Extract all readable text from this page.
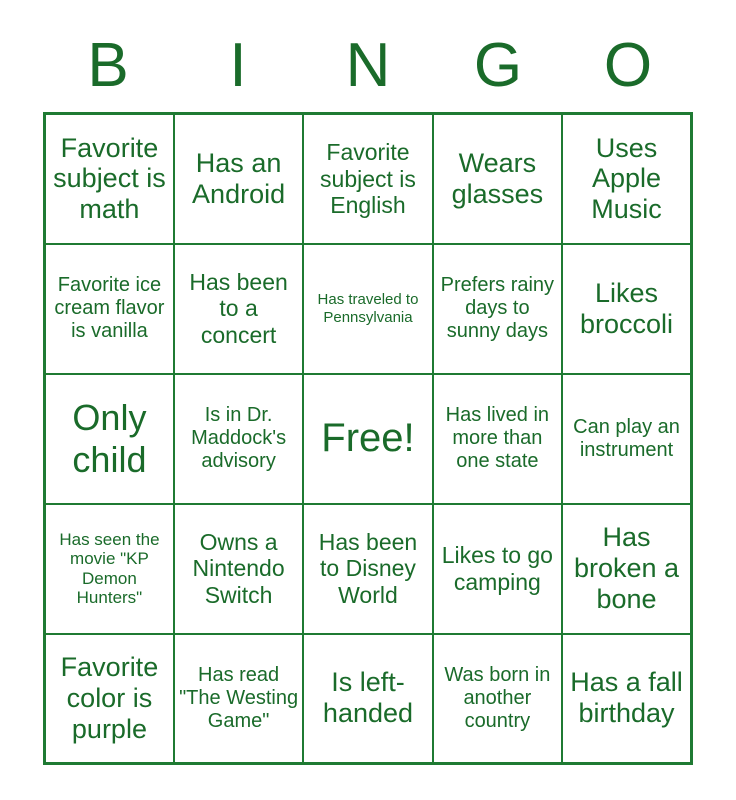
B	I	N	G	O
Favorite subject is math	Has an Android	Favorite subject is English	Wears glasses	Uses Apple Music
Favorite ice cream flavor is vanilla	Has been to a concert	Has traveled to Pennsylvania	Prefers rainy days to sunny days	Likes broccoli
Only child	Is in Dr. Maddock's advisory	Free!	Has lived in more than one state	Can play an instrument
Has seen the movie "KP Demon Hunters"	Owns a Nintendo Switch	Has been to Disney World	Likes to go camping	Has broken a bone
Favorite color is purple	Has read "The Westing Game"	Is left-handed	Was born in another country	Has a fall birthday
